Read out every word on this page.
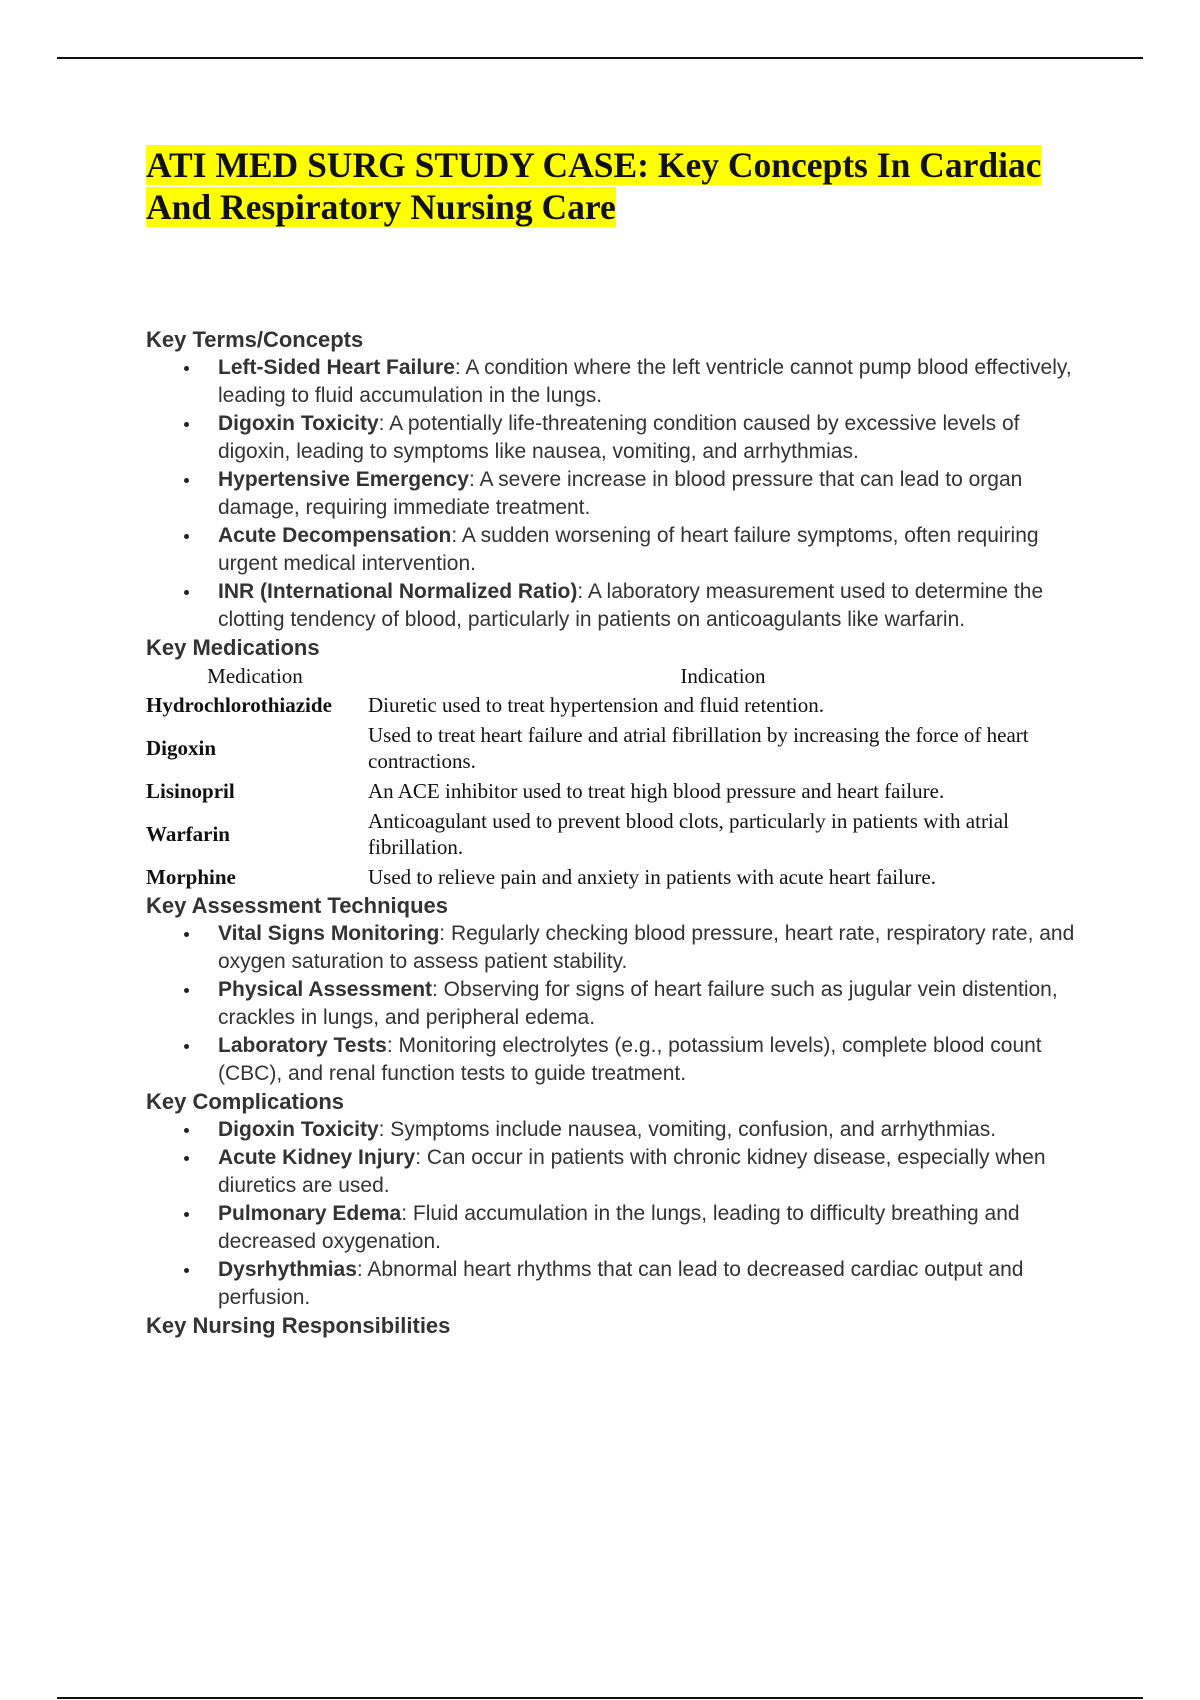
ATI MED SURG STUDY CASE: Key Concepts In Cardiac
And Respiratory Nursing Care
Key Terms/Concepts
Left-Sided Heart Failure: A condition where the left ventricle cannot pump blood effectively, leading to fluid accumulation in the lungs.
Digoxin Toxicity: A potentially life-threatening condition caused by excessive levels of digoxin, leading to symptoms like nausea, vomiting, and arrhythmias.
Hypertensive Emergency: A severe increase in blood pressure that can lead to organ damage, requiring immediate treatment.
Acute Decompensation: A sudden worsening of heart failure symptoms, often requiring urgent medical intervention.
INR (International Normalized Ratio): A laboratory measurement used to determine the clotting tendency of blood, particularly in patients on anticoagulants like warfarin.
Key Medications
Medication	Indication
Hydrochlorothiazide	Diuretic used to treat hypertension and fluid retention.
Digoxin	Used to treat heart failure and atrial fibrillation by increasing the force of heart contractions.
Lisinopril	An ACE inhibitor used to treat high blood pressure and heart failure.
Warfarin	Anticoagulant used to prevent blood clots, particularly in patients with atrial fibrillation.
Morphine	Used to relieve pain and anxiety in patients with acute heart failure.
Key Assessment Techniques
Vital Signs Monitoring: Regularly checking blood pressure, heart rate, respiratory rate, and oxygen saturation to assess patient stability.
Physical Assessment: Observing for signs of heart failure such as jugular vein distention, crackles in lungs, and peripheral edema.
Laboratory Tests: Monitoring electrolytes (e.g., potassium levels), complete blood count (CBC), and renal function tests to guide treatment.
Key Complications
Digoxin Toxicity: Symptoms include nausea, vomiting, confusion, and arrhythmias.
Acute Kidney Injury: Can occur in patients with chronic kidney disease, especially when diuretics are used.
Pulmonary Edema: Fluid accumulation in the lungs, leading to difficulty breathing and decreased oxygenation.
Dysrhythmias: Abnormal heart rhythms that can lead to decreased cardiac output and perfusion.
Key Nursing Responsibilities
